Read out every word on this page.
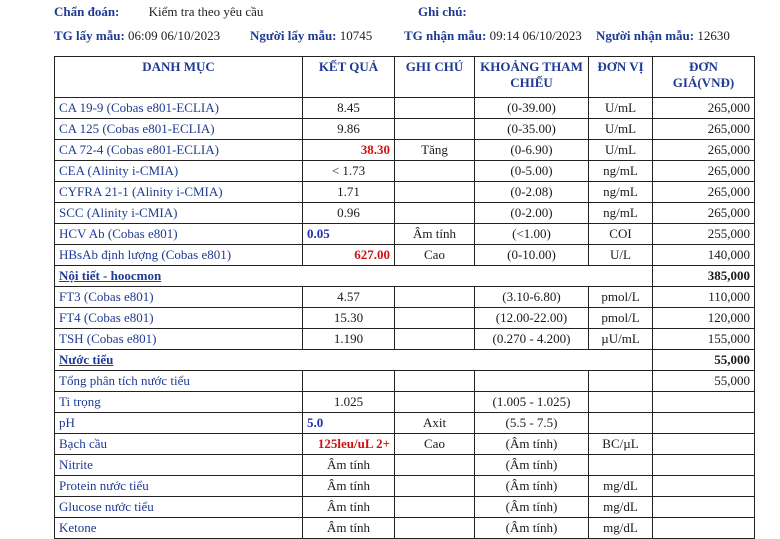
Chẩn đoán: Kiểm tra theo yêu cầu	Ghi chú:
TG lấy mẫu: 06:09 06/10/2023 Người lấy mẫu: 10745 TG nhận mẫu: 09:14 06/10/2023 Người nhận mẫu: 12630
DANH MỤC	KẾT QUẢ	GHI CHÚ	KHOẢNG THAM CHIẾU	ĐƠN VỊ	ĐƠN GIÁ(VNĐ)
CA 19-9 (Cobas e801-ECLIA)	8.45		(0-39.00)	U/mL	265,000
CA 125 (Cobas e801-ECLIA)	9.86		(0-35.00)	U/mL	265,000
CA 72-4 (Cobas e801-ECLIA)	38.30	Tăng	(0-6.90)	U/mL	265,000
CEA (Alinity i-CMIA)	< 1.73		(0-5.00)	ng/mL	265,000
CYFRA 21-1 (Alinity i-CMIA)	1.71		(0-2.08)	ng/mL	265,000
SCC (Alinity i-CMIA)	0.96		(0-2.00)	ng/mL	265,000
HCV Ab (Cobas e801)	0.05	Âm tính	(<1.00)	COI	255,000
HBsAb định lượng (Cobas e801)	627.00	Cao	(0-10.00)	U/L	140,000
Nội tiết - hoocmon					385,000
FT3 (Cobas e801)	4.57		(3.10-6.80)	pmol/L	110,000
FT4 (Cobas e801)	15.30		(12.00-22.00)	pmol/L	120,000
TSH (Cobas e801)	1.190		(0.270 - 4.200)	µU/mL	155,000
Nước tiểu					55,000
Tổng phân tích nước tiểu					55,000
Ti trọng	1.025		(1.005 - 1.025)		
pH	5.0	Axit	(5.5 - 7.5)		
Bạch cầu	125leu/uL 2+	Cao	(Âm tính)	BC/µL	
Nitrite	Âm tính		(Âm tính)		
Protein nước tiểu	Âm tính		(Âm tính)	mg/dL	
Glucose nước tiểu	Âm tính		(Âm tính)	mg/dL	
Ketone	Âm tính		(Âm tính)	mg/dL	
